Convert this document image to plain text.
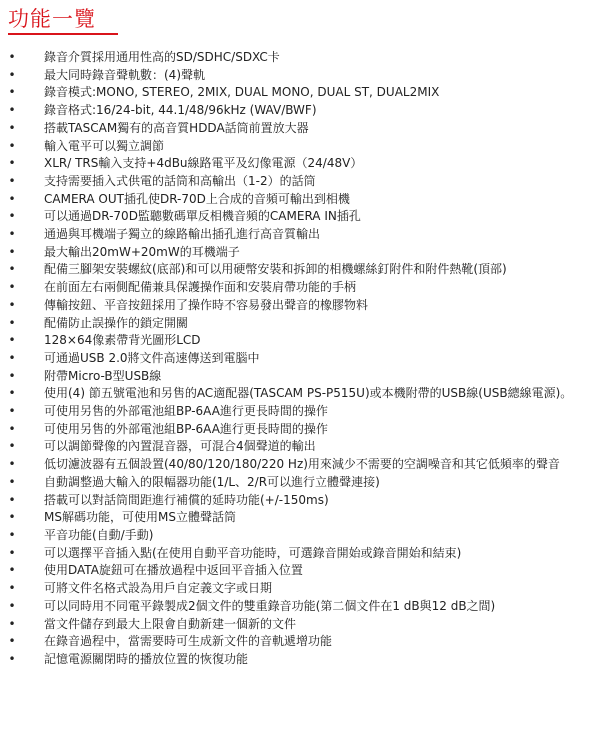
功能一覽
• 錄音介質採用通用性高的SD/SDHC/SDXC卡
• 最大同時錄音聲軌數：(4)聲軌
• 錄音模式:MONO, STEREO, 2MIX, DUAL MONO, DUAL ST, DUAL2MIX
• 錄音格式:16/24-bit, 44.1/48/96kHz (WAV/BWF)
• 搭載TASCAM獨有的高音質HDDA話筒前置放大器
• 輸入電平可以獨立調節
• XLR/ TRS輸入支持+4dBu線路電平及幻像電源（24/48V）
• 支持需要插入式供電的話筒和高輸出（1-2）的話筒
• CAMERA OUT插孔使DR-70D上合成的音頻可輸出到相機
• 可以通過DR-70D監聽數碼單反相機音頻的CAMERA IN插孔
• 通過與耳機端子獨立的線路輸出插孔進行高音質輸出
• 最大輸出20mW+20mW的耳機端子
• 配備三腳架安裝螺紋(底部)和可以用硬幣安裝和拆卸的相機螺絲釘附件和附件熱靴(頂部)
• 在前面左右兩側配備兼具保護操作面和安裝肩帶功能的手柄
• 傳輸按鈕、平音按鈕採用了操作時不容易發出聲音的橡膠物料
• 配備防止誤操作的鎖定開關
• 128×64像素帶背光圖形LCD
• 可通過USB 2.0將文件高速傳送到電腦中
• 附帶Micro-B型USB線
• 使用(4) 節五號電池和另售的AC適配器(TASCAM PS-P515U)或本機附帶的USB線(USB總線電源)。
• 可使用另售的外部電池組BP-6AA進行更長時間的操作
• 可使用另售的外部電池組BP-6AA進行更長時間的操作
• 可以調節聲像的內置混音器，可混合4個聲道的輸出
• 低切濾波器有五個設置(40/80/120/180/220 Hz)用來減少不需要的空調噪音和其它低頻率的聲音
• 自動調整過大輸入的限幅器功能(1/L、2/R可以進行立體聲連接)
• 搭載可以對話筒間距進行補償的延時功能(+/-150ms)
• MS解碼功能，可使用MS立體聲話筒
• 平音功能(自動/手動)
• 可以選擇平音插入點(在使用自動平音功能時，可選錄音開始或錄音開始和結束)
• 使用DATA旋鈕可在播放過程中返回平音插入位置
• 可將文件名格式設為用戶自定義文字或日期
• 可以同時用不同電平錄製成2個文件的雙重錄音功能(第二個文件在1 dB與12 dB之間)
• 當文件儲存到最大上限會自動新建一個新的文件
• 在錄音過程中，當需要時可生成新文件的音軌遞增功能
• 記憶電源關閉時的播放位置的恢復功能
